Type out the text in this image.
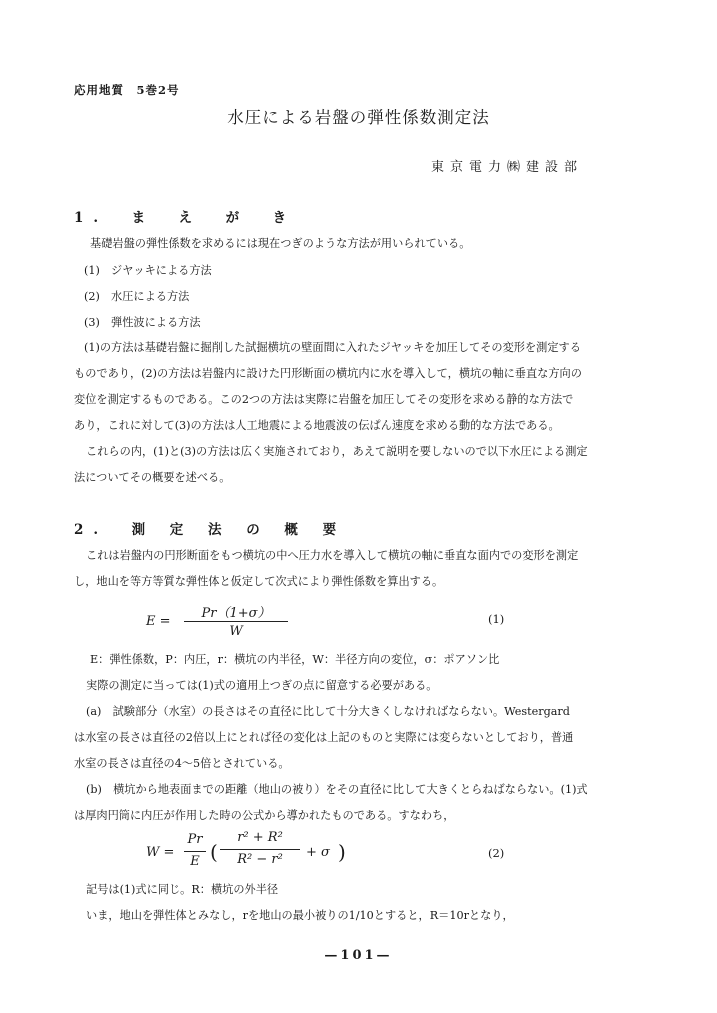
応用地質　5巻2号
水圧による岩盤の弾性係数測定法
東京電力㈱建設部
1.　ま　え　が　き
基礎岩盤の弾性係数を求めるには現在つぎのような方法が用いられている。
(1)　ジヤッキによる方法
(2)　水圧による方法
(3)　弾性波による方法
(1)の方法は基礎岩盤に掘削した試掘横坑の壁面間に入れたジヤッキを加圧してその変形を測定する
ものであり，(2)の方法は岩盤内に設けた円形断面の横坑内に水を導入して，横坑の軸に垂直な方向の
変位を測定するものである。この2つの方法は実際に岩盤を加圧してその変形を求める静的な方法で
あり，これに対して(3)の方法は人工地震による地震波の伝ぱん速度を求める動的な方法である。
これらの内，(1)と(3)の方法は広く実施されており，あえて説明を要しないので以下水圧による測定
法についてその概要を述べる。
2.　測 定 法 の 概 要
これは岩盤内の円形断面をもつ横坑の中へ圧力水を導入して横坑の軸に垂直な面内での変形を測定
し，地山を等方等質な弾性体と仮定して次式により弾性係数を算出する。
E =
Pr（1+σ）
W
(1)
E：弾性係数，P：内圧，r：横坑の内半径，W：半径方向の変位，σ：ポアソン比
実際の測定に当っては(1)式の適用上つぎの点に留意する必要がある。
(a)　試験部分（水室）の長さはその直径に比して十分大きくしなければならない。Westergard
は水室の長さは直径の2倍以上にとれば径の変化は上記のものと実際には変らないとしており，普通
水室の長さは直径の4～5倍とされている。
(b)　横坑から地表面までの距離（地山の被り）をその直径に比して大きくとらねばならない。(1)式
は厚肉円筒に内圧が作用した時の公式から導かれたものである。すなわち，
W =
Pr
E (
r² + R²
R² − r²	+ σ )	(2)
記号は(1)式に同じ。R：横坑の外半径
いま，地山を弾性体とみなし，rを地山の最小被りの1/10とすると，R＝10rとなり，
—101—
